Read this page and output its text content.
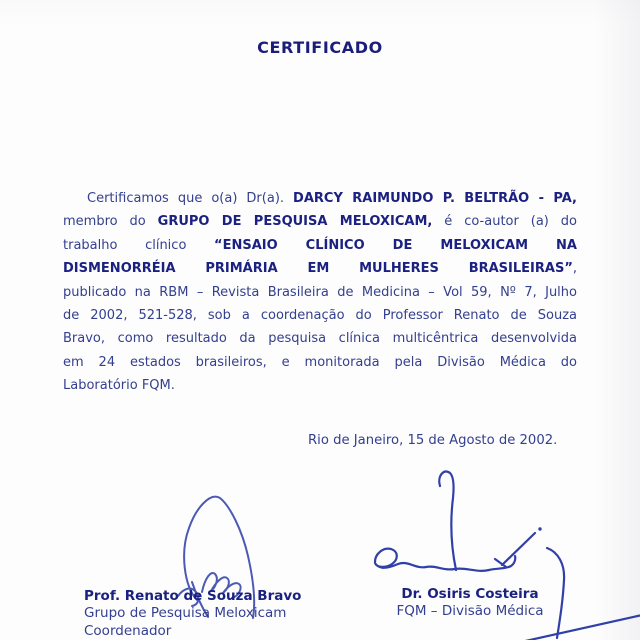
CERTIFICADO
Certificamos que o(a) Dr(a). DARCY RAIMUNDO P. BELTRÃO - PA,
membro do GRUPO DE PESQUISA MELOXICAM, é co-autor (a) do
trabalho clínico “ENSAIO CLÍNICO DE MELOXICAM NA
DISMENORRÉIA PRIMÁRIA EM MULHERES BRASILEIRAS”,
publicado na RBM – Revista Brasileira de Medicina – Vol 59, Nº 7, Julho
de 2002, 521-528, sob a coordenação do Professor Renato de Souza
Bravo, como resultado da pesquisa clínica multicêntrica desenvolvida
em 24 estados brasileiros, e monitorada pela Divisão Médica do
Laboratório FQM.
Rio de Janeiro, 15 de Agosto de 2002.
Prof. Renato de Souza Bravo
Grupo de Pesquisa Meloxicam
Coordenador
Dr. Osiris Costeira
FQM – Divisão Médica
